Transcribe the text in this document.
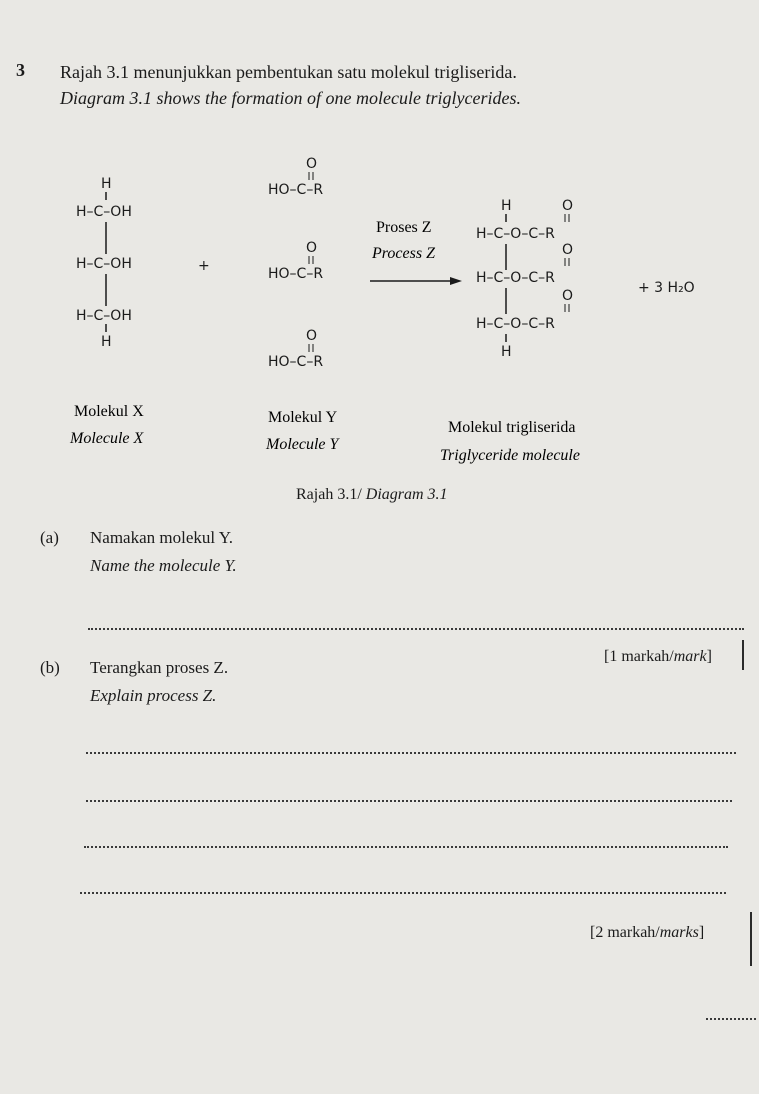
3 Rajah 3.1 menunjukkan pembentukan satu molekul trigliserida.
Diagram 3.1 shows the formation of one molecule triglycerides.
H
H–C–OH
H–C–OH
H–C–OH
H
+
O
HO–C–R
O
HO–C–R
O
HO–C–R
Proses Z
Process Z
H	O
H–C–O–C–R
O
H–C–O–C–R
O
H–C–O–C–R
H
+ 3 H₂O
Molekul X
Molecule X
Molekul Y
Molecule Y
Molekul trigliserida
Triglyceride molecule
Rajah 3.1/ Diagram 3.1
(a) Namakan molekul Y.
Name the molecule Y.
[1 markah/mark]
(b) Terangkan proses Z.
Explain process Z.
[2 markah/marks]
